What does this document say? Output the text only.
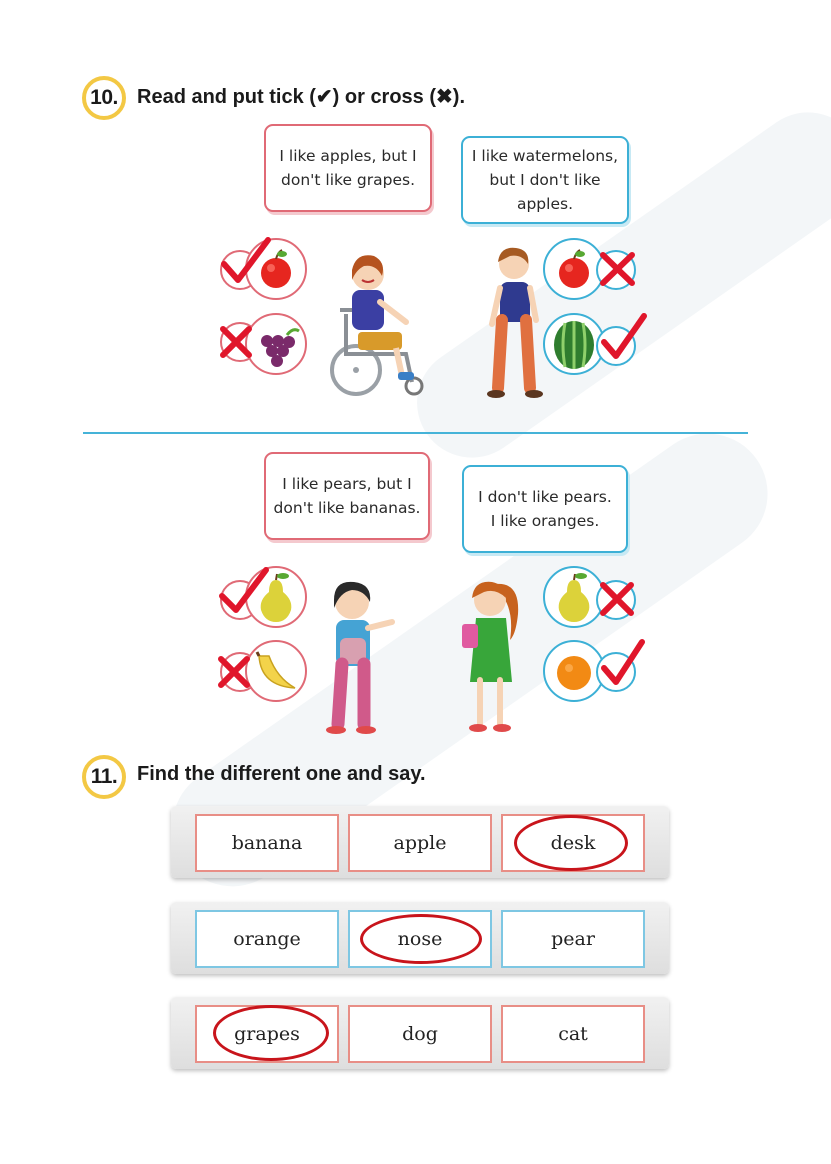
10. Read and put tick (✔) or cross (✖).
I like apples, but I
don't like grapes.
I like watermelons,
but I don't like
apples.
I like pears, but I
don't like bananas.
I don't like pears.
I like oranges.
11. Find the different one and say.
banana	apple	desk
orange	nose	pear
grapes	dog	cat
